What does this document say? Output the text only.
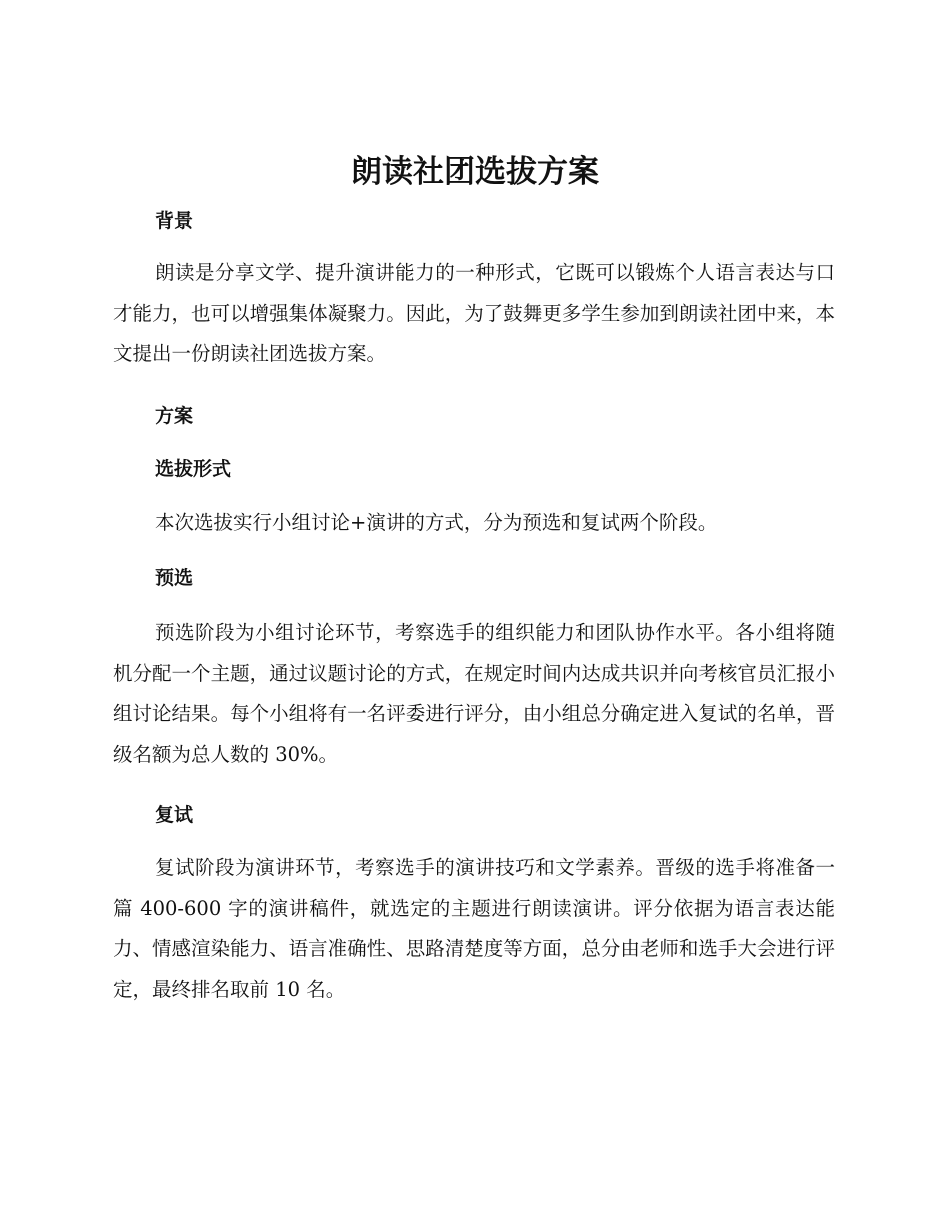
朗读社团选拔方案
背景

朗读是分享文学、提升演讲能力的一种形式，它既可以锻炼个人语言表达与口才能力，也可以增强集体凝聚力。因此，为了鼓舞更多学生参加到朗读社团中来，本文提出一份朗读社团选拔方案。

方案
选拔形式

本次选拔实行小组讨论+演讲的方式，分为预选和复试两个阶段。

预选

预选阶段为小组讨论环节，考察选手的组织能力和团队协作水平。各小组将随机分配一个主题，通过议题讨论的方式，在规定时间内达成共识并向考核官员汇报小组讨论结果。每个小组将有一名评委进行评分，由小组总分确定进入复试的名单，晋级名额为总人数的 30%。

复试

复试阶段为演讲环节，考察选手的演讲技巧和文学素养。晋级的选手将准备一篇 400-600 字的演讲稿件，就选定的主题进行朗读演讲。评分依据为语言表达能力、情感渲染能力、语言准确性、思路清楚度等方面，总分由老师和选手大会进行评定，最终排名取前 10 名。
